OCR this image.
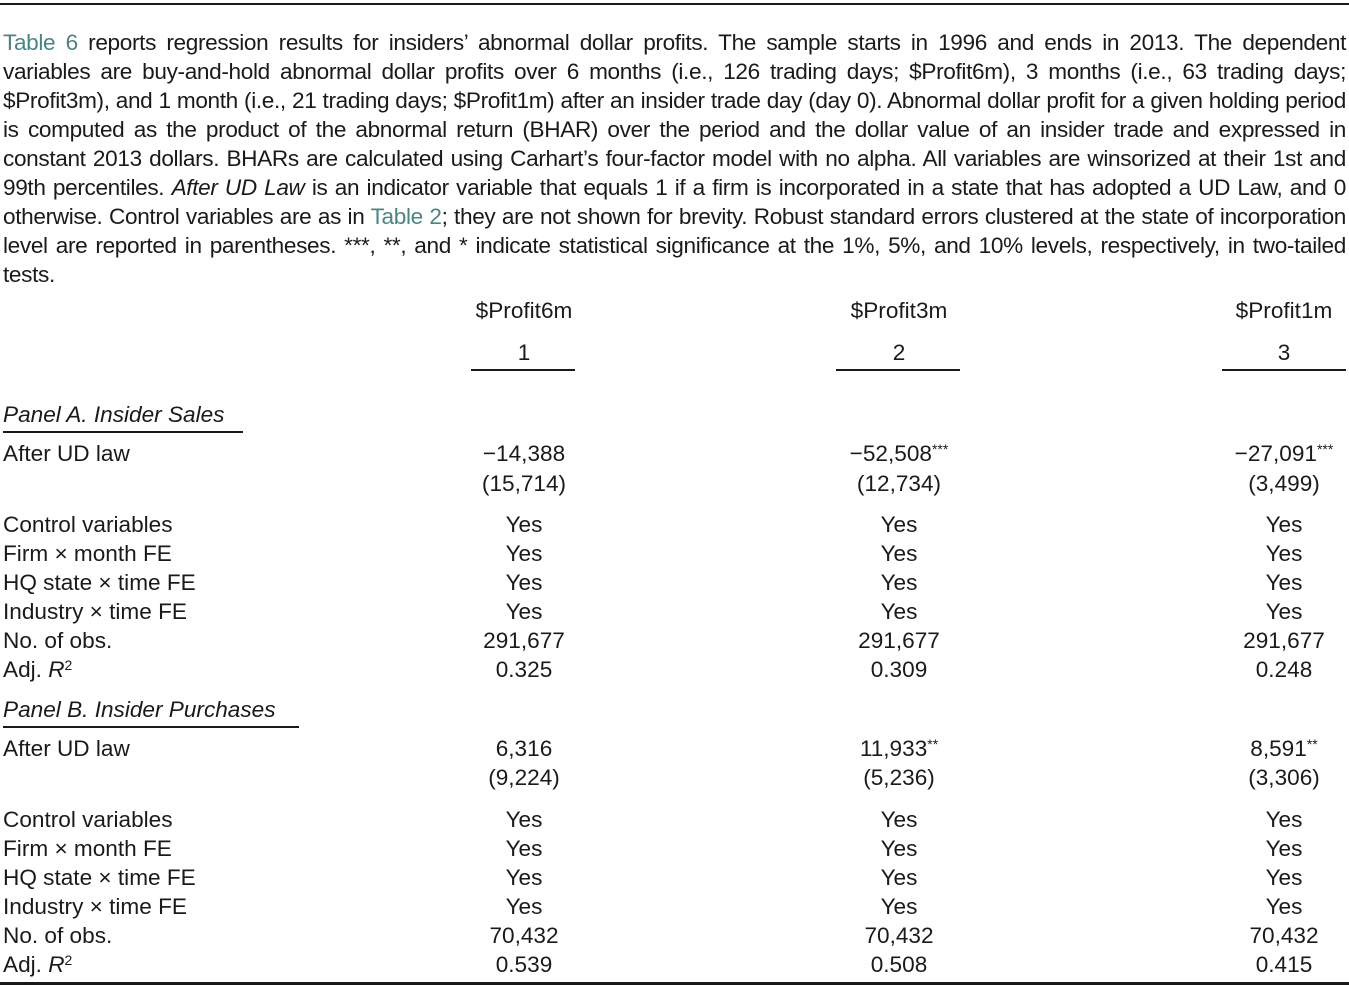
Table 6 reports regression results for insiders’ abnormal dollar profits. The sample starts in 1996 and ends in 2013. The dependent variables are buy-and-hold abnormal dollar profits over 6 months (i.e., 126 trading days; $Profit6m), 3 months (i.e., 63 trading days; $Profit3m), and 1 month (i.e., 21 trading days; $Profit1m) after an insider trade day (day 0). Abnormal dollar profit for a given holding period is computed as the product of the abnormal return (BHAR) over the period and the dollar value of an insider trade and expressed in constant 2013 dollars. BHARs are calculated using Carhart’s four-factor model with no alpha. All variables are winsorized at their 1st and 99th percentiles. After UD Law is an indicator variable that equals 1 if a firm is incorporated in a state that has adopted a UD Law, and 0 otherwise. Control variables are as in Table 2; they are not shown for brevity. Robust standard errors clustered at the state of incorporation level are reported in parentheses. ***, **, and * indicate statistical significance at the 1%, 5%, and 10% levels, respectively, in two-tailed tests.
$Profit6m	$Profit3m	$Profit1m
1	2	3
Panel A. Insider Sales
After UD law	−14,388	−52,508***	−27,091***
(15,714)	(12,734)	(3,499)
Control variables	Yes	Yes	Yes
Firm × month FE	Yes	Yes	Yes
HQ state × time FE	Yes	Yes	Yes
Industry × time FE	Yes	Yes	Yes
No. of obs.	291,677	291,677	291,677
Adj. $R^2$	0.325	0.309	0.248
Panel B. Insider Purchases
After UD law	6,316	11,933**	8,591**
(9,224)	(5,236)	(3,306)
Control variables	Yes	Yes	Yes
Firm × month FE	Yes	Yes	Yes
HQ state × time FE	Yes	Yes	Yes
Industry × time FE	Yes	Yes	Yes
No. of obs.	70,432	70,432	70,432
Adj. $R^2$	0.539	0.508	0.415
